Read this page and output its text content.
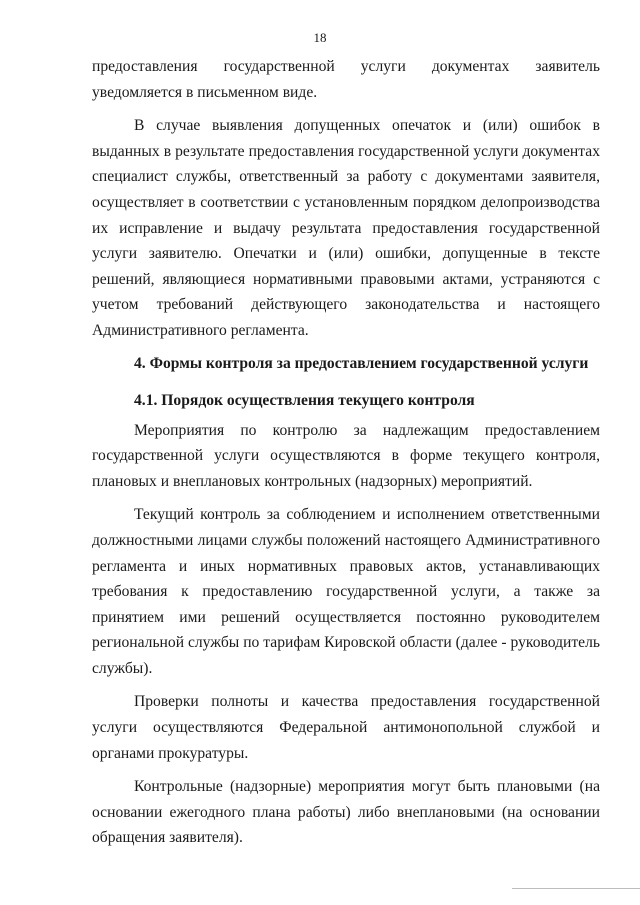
18

предоставления государственной услуги документах заявитель уведомляется в письменном виде.

В случае выявления допущенных опечаток и (или) ошибок в выданных в результате предоставления государственной услуги документах специалист службы, ответственный за работу с документами заявителя, осуществляет в соответствии с установленным порядком делопроизводства их исправление и выдачу результата предоставления государственной услуги заявителю. Опечатки и (или) ошибки, допущенные в тексте решений, являющиеся нормативными правовыми актами, устраняются с учетом требований действующего законодательства и настоящего Административного регламента.

4. Формы контроля за предоставлением государственной услуги
4.1. Порядок осуществления текущего контроля

Мероприятия по контролю за надлежащим предоставлением государственной услуги осуществляются в форме текущего контроля, плановых и внеплановых контрольных (надзорных) мероприятий.

Текущий контроль за соблюдением и исполнением ответственными должностными лицами службы положений настоящего Административного регламента и иных нормативных правовых актов, устанавливающих требования к предоставлению государственной услуги, а также за принятием ими решений осуществляется постоянно руководителем региональной службы по тарифам Кировской области (далее - руководитель службы).

Проверки полноты и качества предоставления государственной услуги осуществляются Федеральной антимонопольной службой и органами прокуратуры.

Контрольные (надзорные) мероприятия могут быть плановыми (на основании ежегодного плана работы) либо внеплановыми (на основании обращения заявителя).
